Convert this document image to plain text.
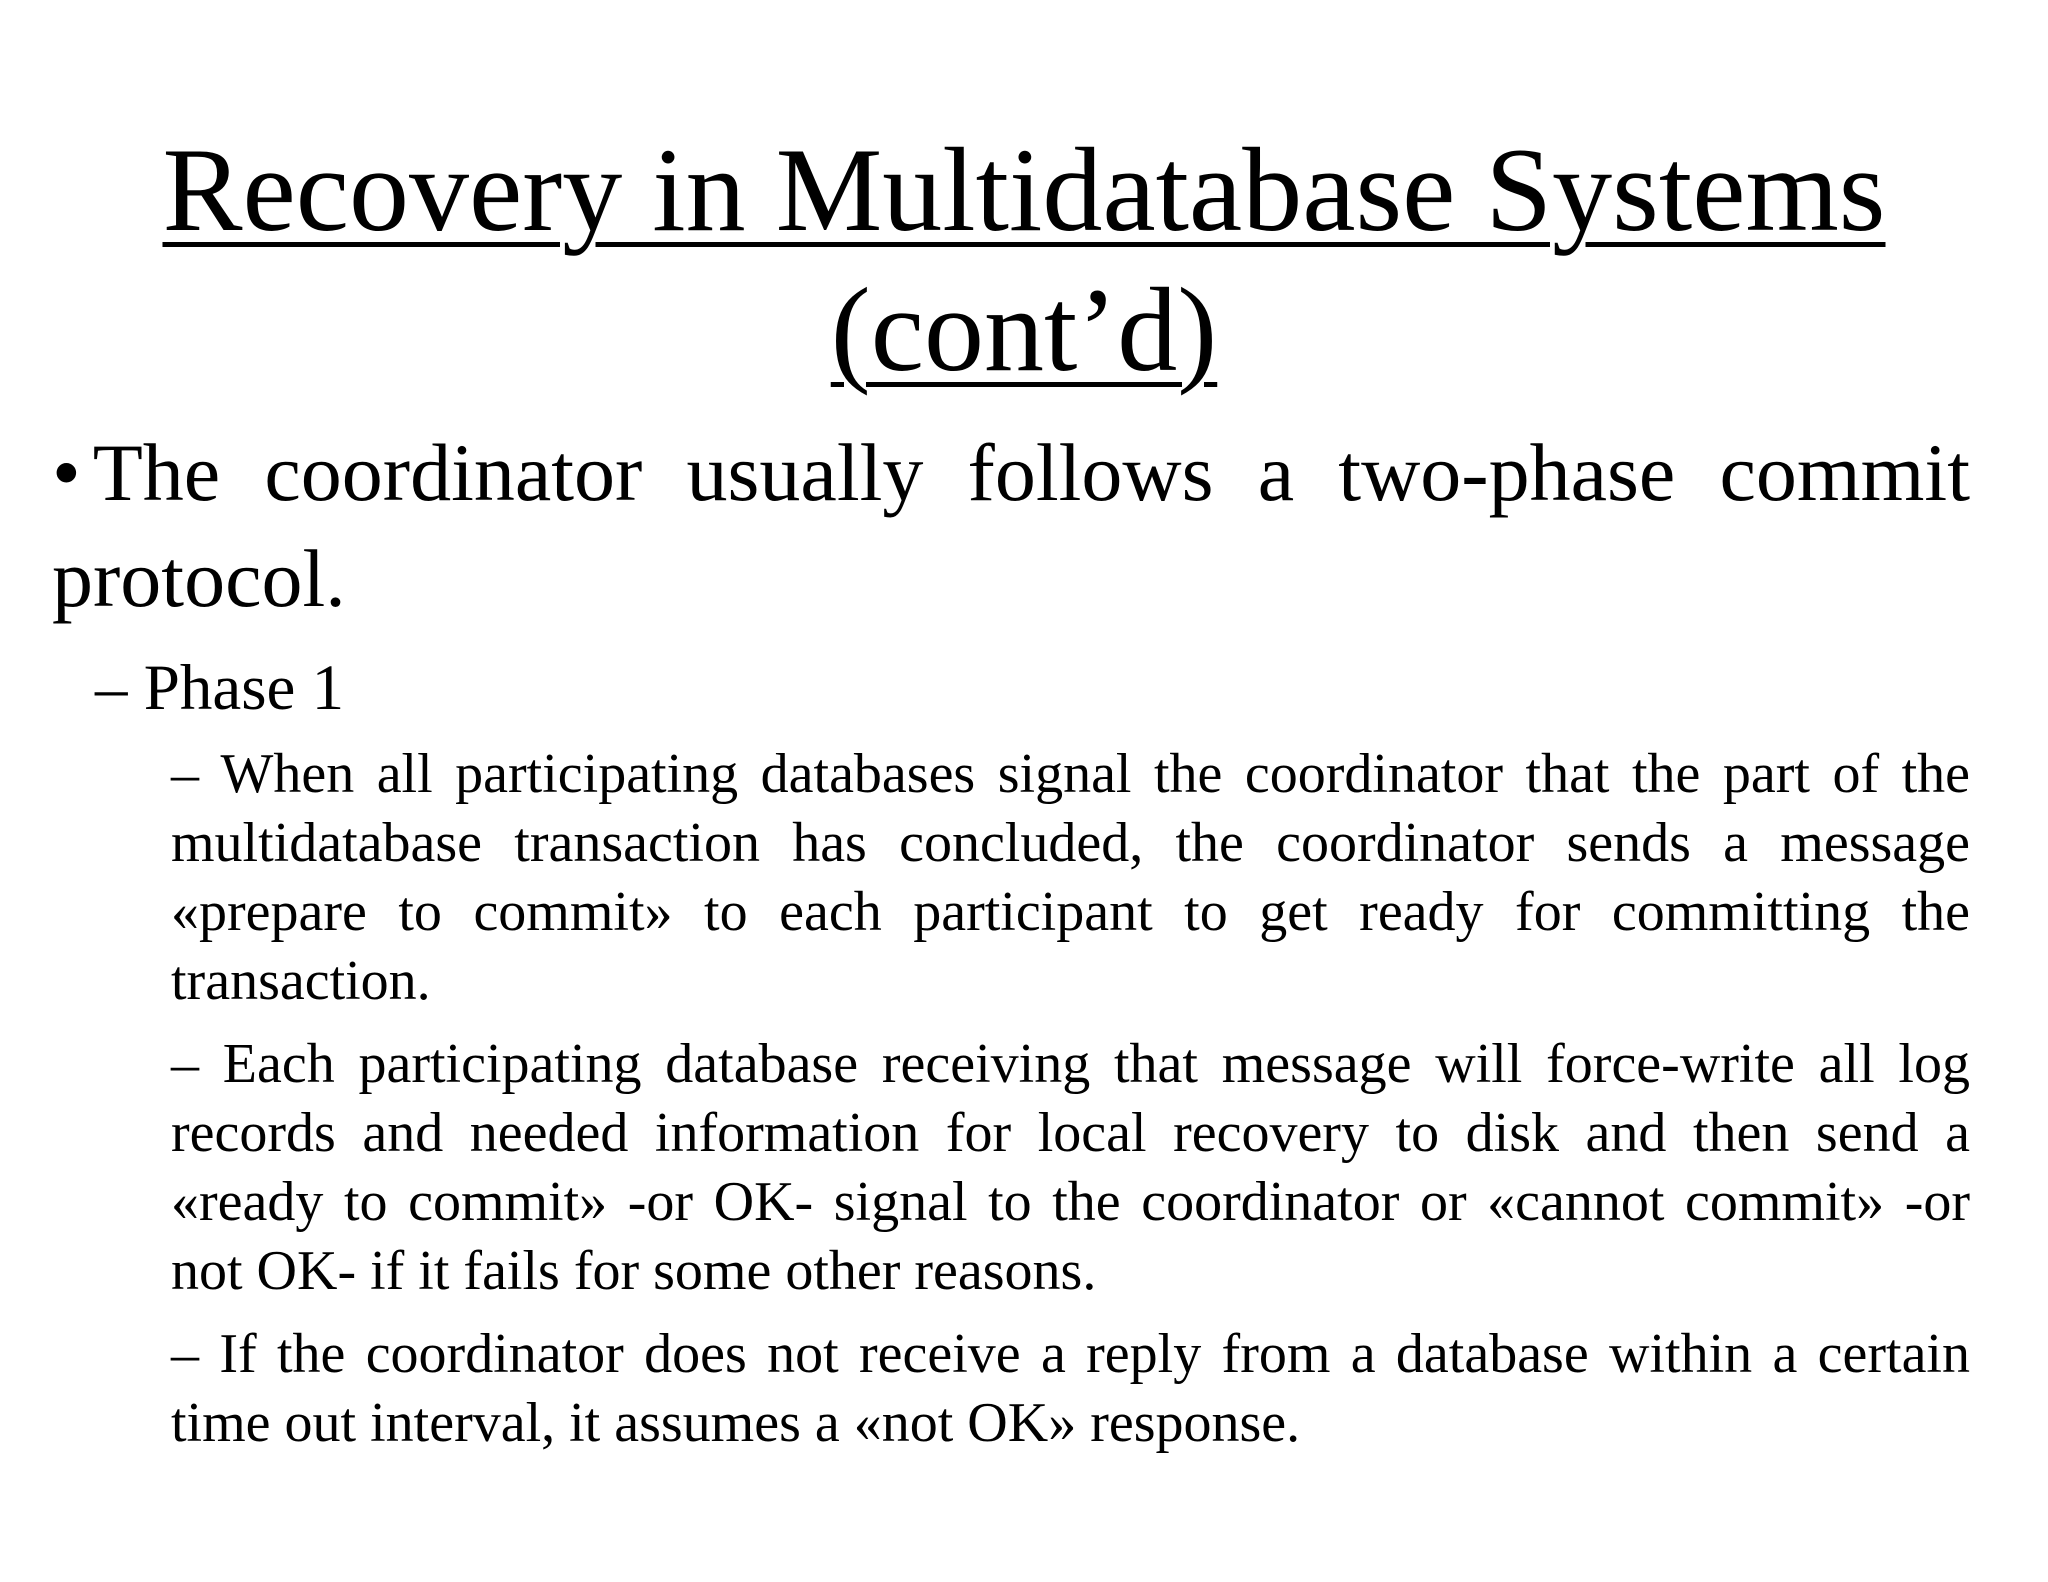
Recovery in Multidatabase Systems
(cont’d)

• The coordinator usually follows a two-phase commit protocol.

– Phase 1

– When all participating databases signal the coordinator that the part of the multidatabase transaction has concluded, the coordinator sends a message «prepare to commit» to each participant to get ready for committing the transaction.
– Each participating database receiving that message will force-write all log records and needed information for local recovery to disk and then send a «ready to commit» -or OK- signal to the coordinator or «cannot commit» -or not OK- if it fails for some other reasons.
– If the coordinator does not receive a reply from a database within a certain time out interval, it assumes a «not OK» response.
